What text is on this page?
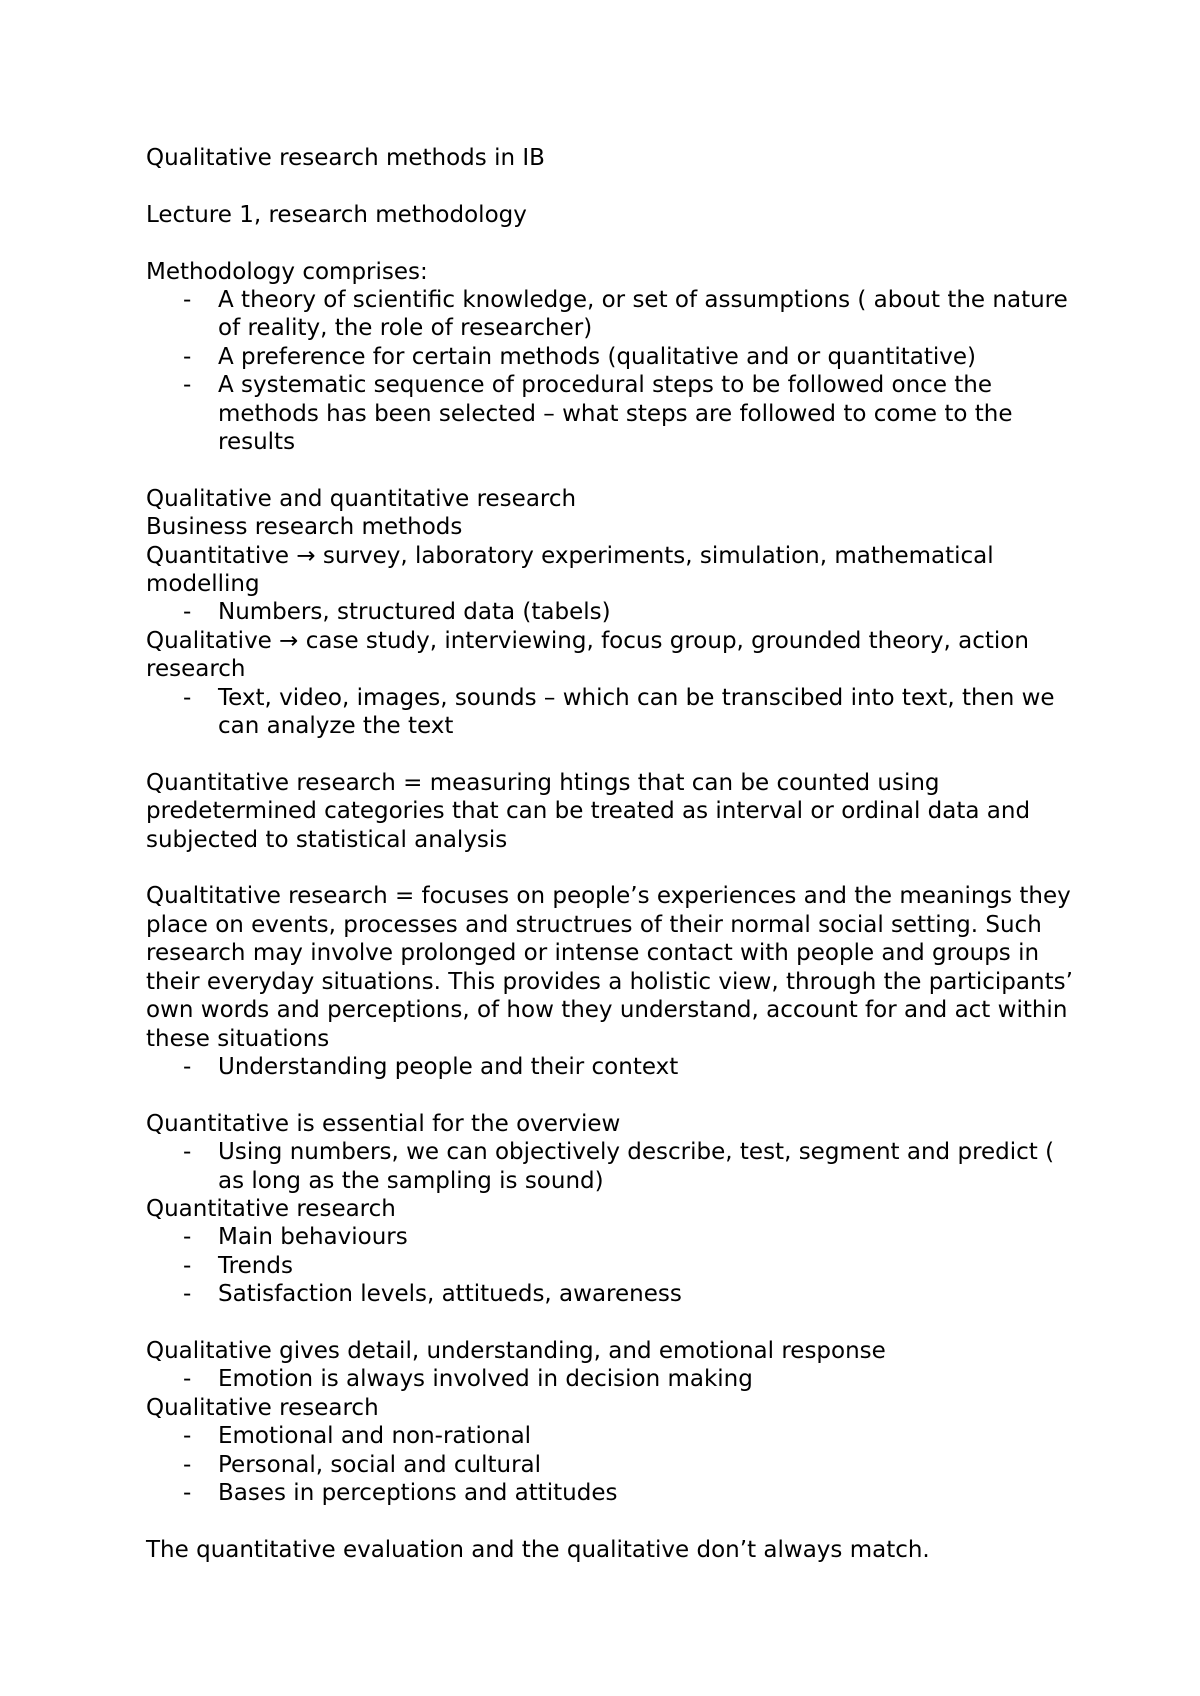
Qualitative research methods in IB

Lecture 1, research methodology

Methodology comprises:

- A theory of scientific knowledge, or set of assumptions ( about the nature of reality, the role of researcher)
- A preference for certain methods (qualitative and or quantitative)
- A systematic sequence of procedural steps to be followed once the methods has been selected – what steps are followed to come to the results

Qualitative and quantitative research

Business research methods

Quantitative → survey, laboratory experiments, simulation, mathematical modelling

- Numbers, structured data (tabels)

Qualitative → case study, interviewing, focus group, grounded theory, action research

- Text, video, images, sounds – which can be transcibed into text, then we can analyze the text

Quantitative research = measuring htings that can be counted using predetermined categories that can be treated as interval or ordinal data and subjected to statistical analysis

Qualtitative research = focuses on people’s experiences and the meanings they place on events, processes and structrues of their normal social setting. Such research may involve prolonged or intense contact with people and groups in their everyday situations. This provides a holistic view, through the participants’ own words and perceptions, of how they understand, account for and act within these situations

- Understanding people and their context

Quantitative is essential for the overview

- Using numbers, we can objectively describe, test, segment and predict ( as long as the sampling is sound)

Quantitative research

- Main behaviours
- Trends
- Satisfaction levels, attitueds, awareness

Qualitative gives detail, understanding, and emotional response

- Emotion is always involved in decision making

Qualitative research

- Emotional and non-rational
- Personal, social and cultural
- Bases in perceptions and attitudes

The quantitative evaluation and the qualitative don’t always match.
